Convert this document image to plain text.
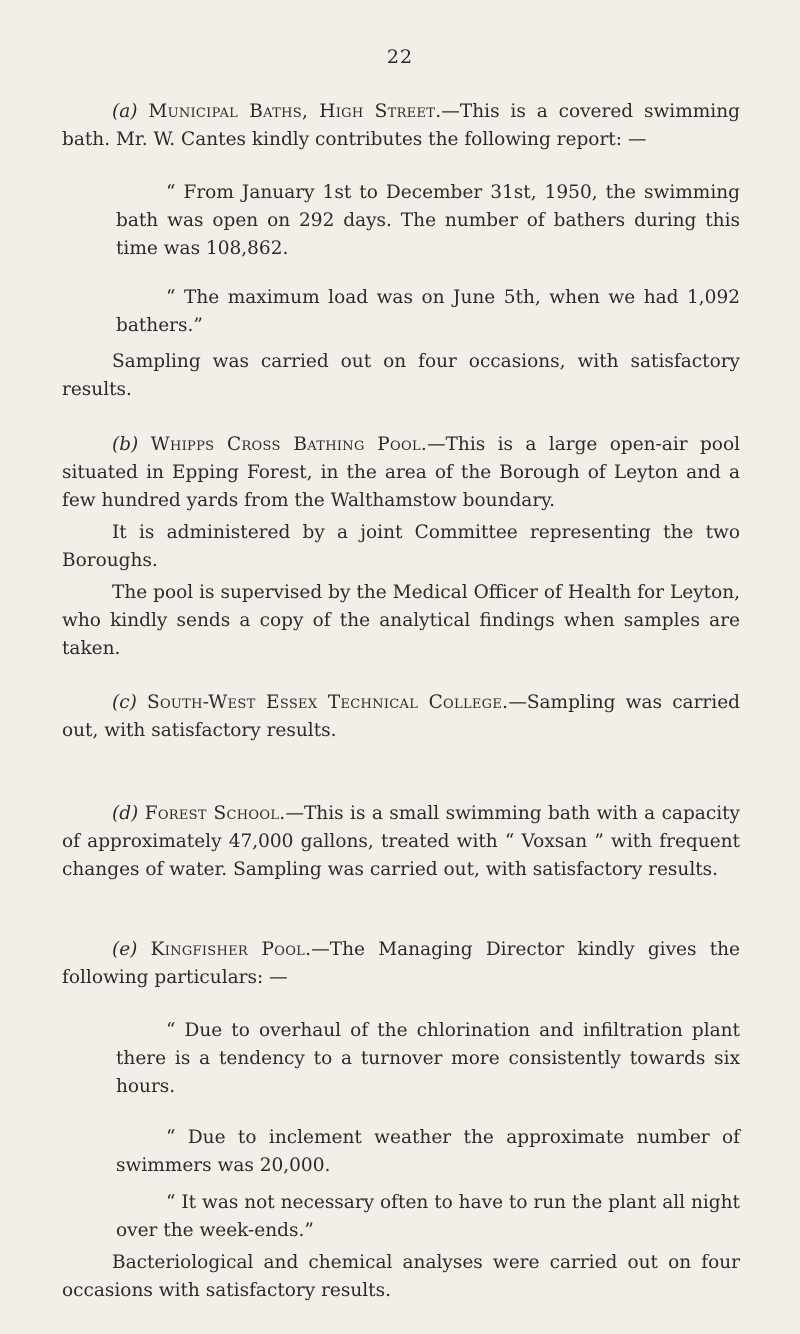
22

(a) Municipal Baths, High Street.—This is a covered swimming bath. Mr. W. Cantes kindly contributes the following report: —

“ From January 1st to December 31st, 1950, the swimming bath was open on 292 days. The number of bathers during this time was 108,862.

“ The maximum load was on June 5th, when we had 1,092 bathers.”

Sampling was carried out on four occasions, with satisfactory results.

(b) Whipps Cross Bathing Pool.—This is a large open-air pool situated in Epping Forest, in the area of the Borough of Leyton and a few hundred yards from the Walthamstow boundary.

It is administered by a joint Committee representing the two Boroughs.

The pool is supervised by the Medical Officer of Health for Leyton, who kindly sends a copy of the analytical findings when samples are taken.

(c) South-West Essex Technical College.—Sampling was carried out, with satisfactory results.

(d) Forest School.—This is a small swimming bath with a capacity of approximately 47,000 gallons, treated with “ Voxsan ” with frequent changes of water. Sampling was carried out, with satisfactory results.

(e) Kingfisher Pool.—The Managing Director kindly gives the following particulars: —

“ Due to overhaul of the chlorination and infiltration plant there is a tendency to a turnover more consistently towards six hours.

“ Due to inclement weather the approximate number of swimmers was 20,000.

“ It was not necessary often to have to run the plant all night over the week-ends.”

Bacteriological and chemical analyses were carried out on four occasions with satisfactory results.
